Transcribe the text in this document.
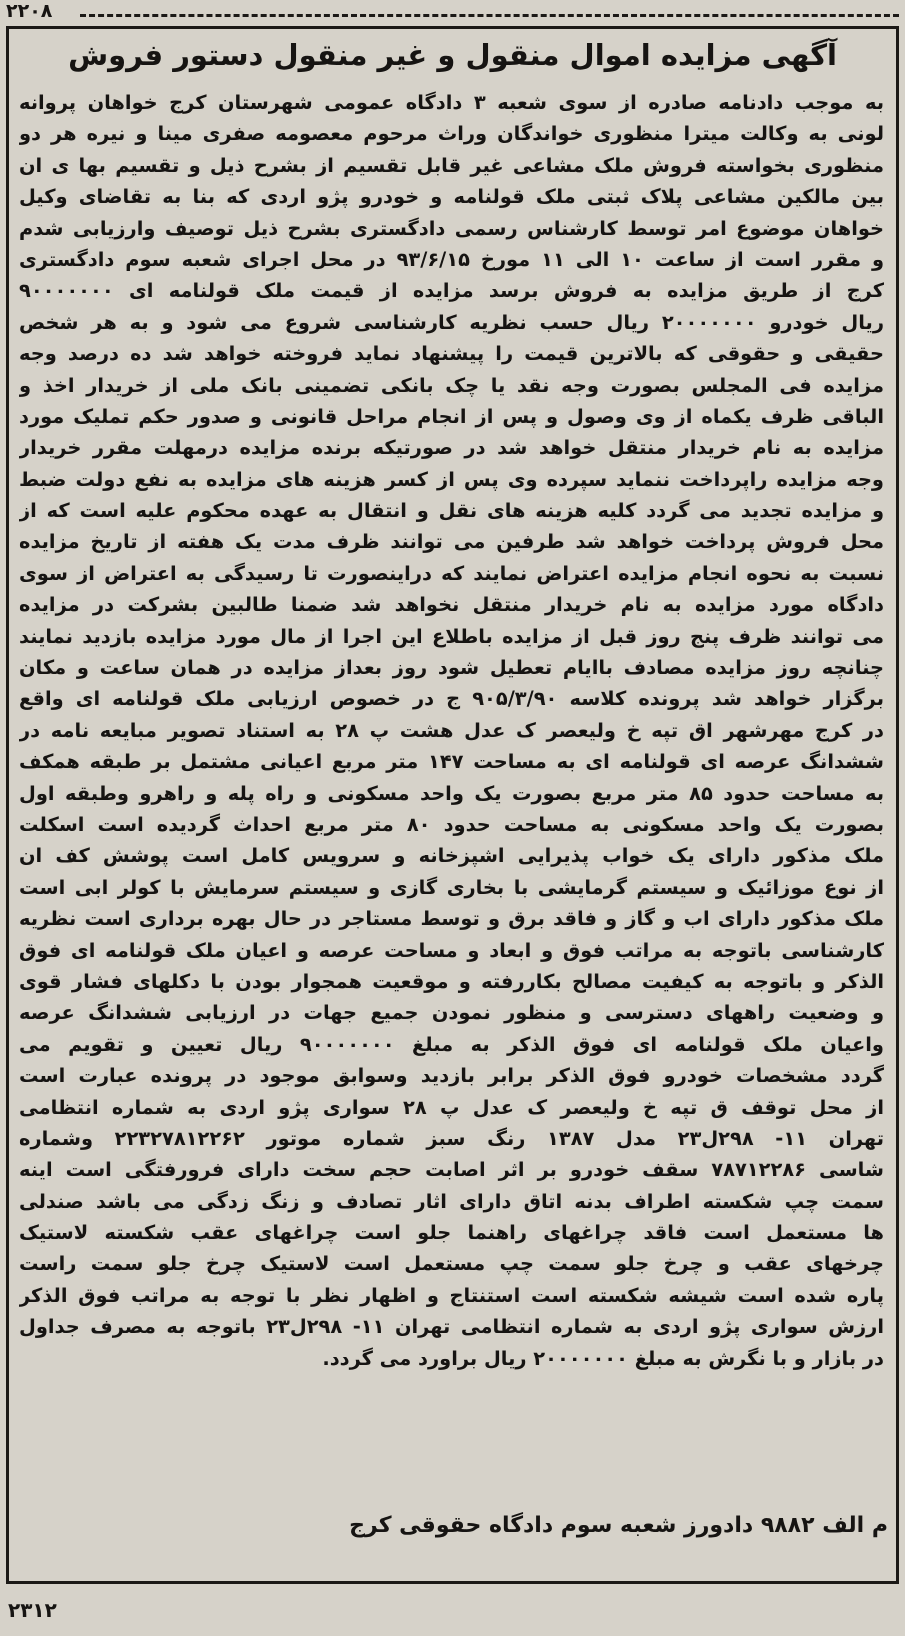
۲۲۰۸
آگهی مزایده اموال منقول و غیر منقول دستور فروش
به موجب دادنامه صادره از سوی شعبه ۳ دادگاه عمومی شهرستان کرج خواهان پروانه
لونی به وکالت میترا منظوری خواندگان وراث مرحوم معصومه صفری مینا و نیره هر دو
منظوری بخواسته فروش ملک مشاعی غیر قابل تقسیم از بشرح ذیل و تقسیم بها ی ان
بین مالکین مشاعی پلاک ثبتی ملک قولنامه و خودرو پژو اردی که بنا به تقاضای وکیل
خواهان موضوع امر توسط کارشناس رسمی دادگستری بشرح ذیل توصیف وارزیابی شدم
و مقرر است از ساعت ۱۰ الی ۱۱ مورخ ۹۳/۶/۱۵ در محل اجرای شعبه سوم دادگستری
کرج از طریق مزایده به فروش برسد مزایده از قیمت ملک قولنامه ای ۹۰۰۰۰۰۰۰
ریال خودرو ۲۰۰۰۰۰۰۰ ریال حسب نظریه کارشناسی شروع می شود و به هر شخص
حقیقی و حقوقی که بالاترین قیمت را پیشنهاد نماید فروخته خواهد شد ده درصد وجه
مزایده فی المجلس بصورت وجه نقد یا چک بانکی تضمینی بانک ملی از خریدار اخذ و
الباقی ظرف یکماه از وی وصول و پس از انجام مراحل قانونی و صدور حکم تملیک مورد
مزایده به نام خریدار منتقل خواهد شد در صورتیکه برنده مزایده درمهلت مقرر خریدار
وجه مزایده راپرداخت ننماید سپرده وی پس از کسر هزینه های مزایده به نفع دولت ضبط
و مزایده تجدید می گردد کلیه هزینه های نقل و انتقال به عهده محکوم علیه است که از
محل فروش پرداخت خواهد شد طرفین می توانند ظرف مدت یک هفته از تاریخ مزایده
نسبت به نحوه انجام مزایده اعتراض نمایند که دراینصورت تا رسیدگی به اعتراض از سوی
دادگاه مورد مزایده به نام خریدار منتقل نخواهد شد ضمنا طالبین بشرکت در مزایده
می توانند ظرف پنج روز قبل از مزایده باطلاع این اجرا از مال مورد مزایده بازدید نمایند
چنانچه روز مزایده مصادف باایام تعطیل شود روز بعداز مزایده در همان ساعت و مکان
برگزار خواهد شد پرونده کلاسه ۹۰۵/۳/۹۰ ج در خصوص ارزیابی ملک قولنامه ای واقع
در کرج مهرشهر اق تپه خ ولیعصر ک عدل هشت پ ۲۸ به استناد تصویر مبایعه نامه در
ششدانگ عرصه ای قولنامه ای به مساحت ۱۴۷ متر مربع اعیانی مشتمل بر طبقه همکف
به مساحت حدود ۸۵ متر مربع بصورت یک واحد مسکونی و راه پله و راهرو وطبقه اول
بصورت یک واحد مسکونی به مساحت حدود ۸۰ متر مربع احداث گردیده است اسکلت
ملک مذکور دارای یک خواب پذیرایی اشپزخانه و سرویس کامل است پوشش کف ان
از نوع موزائیک و سیستم گرمایشی با بخاری گازی و سیستم سرمایش با کولر ابی است
ملک مذکور دارای اب و گاز و فاقد برق و توسط مستاجر در حال بهره برداری است نظریه
کارشناسی باتوجه به مراتب فوق و ابعاد و مساحت عرصه و اعیان ملک قولنامه ای فوق
الذکر و باتوجه به کیفیت مصالح بکاررفته و موقعیت همجوار بودن با دکلهای فشار قوی
و وضعیت راههای دسترسی و منظور نمودن جمیع جهات در ارزیابی ششدانگ عرصه
واعیان ملک قولنامه ای فوق الذکر به مبلغ ۹۰۰۰۰۰۰۰ ریال تعیین و تقویم می
گردد مشخصات خودرو فوق الذکر برابر بازدید وسوابق موجود در پرونده عبارت است
از محل توقف ق تپه خ ولیعصر ک عدل پ ۲۸ سواری پژو اردی به شماره انتظامی
تهران ۱۱- ۲۹۸ل۲۳ مدل ۱۳۸۷ رنگ سبز شماره موتور ۲۲۳۲۷۸۱۲۲۶۲ وشماره
شاسی ۷۸۷۱۲۲۸۶ سقف خودرو بر اثر اصابت حجم سخت دارای فرورفتگی است اینه
سمت چپ شکسته اطراف بدنه اتاق دارای اثار تصادف و زنگ زدگی می باشد صندلی
ها مستعمل است فاقد چراغهای راهنما جلو است چراغهای عقب شکسته لاستیک
چرخهای عقب و چرخ جلو سمت چپ مستعمل است لاستیک چرخ جلو سمت راست
پاره شده است شیشه شکسته است استنتاج و اظهار نظر با توجه به مراتب فوق الذکر
ارزش سواری پژو اردی به شماره انتظامی تهران ۱۱- ۲۹۸ل۲۳ باتوجه به مصرف جداول
در بازار و با نگرش به مبلغ ۲۰۰۰۰۰۰۰ ریال براورد می گردد.
م الف ۹۸۸۲ دادورز شعبه سوم دادگاه حقوقی کرج
۲۳۱۲
